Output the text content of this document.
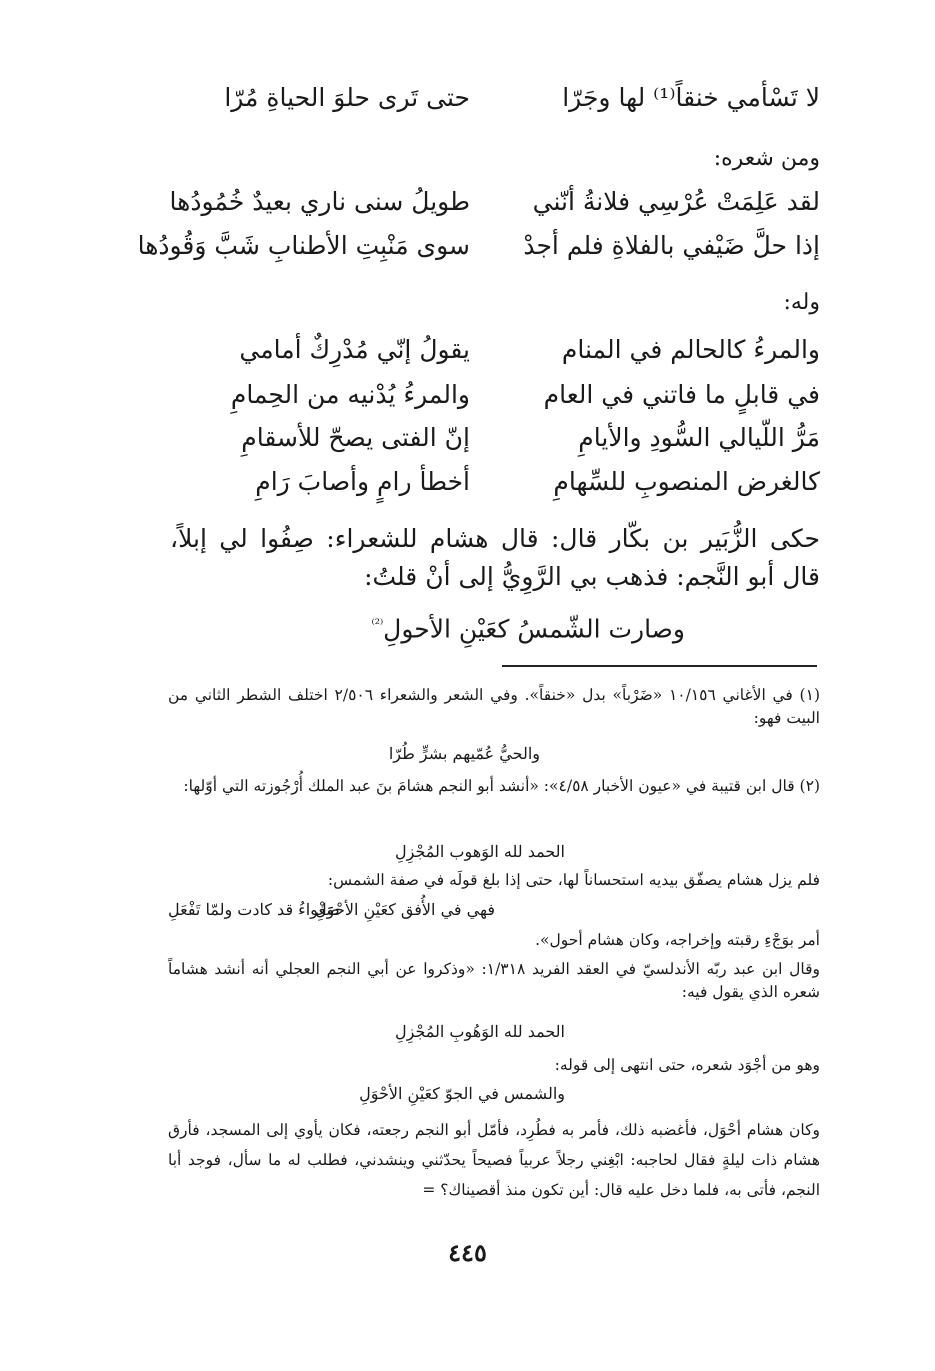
لا تَسْأمي خنقاً⁽¹⁾ لها وجَرّا
حتى تَرى حلوَ الحياةِ مُرّا
ومن شعره:
لقد عَلِمَتْ عُرْسِي فلانةُ أنّني
طويلُ سنى ناري بعيدٌ خُمُودُها
إذا حلَّ ضَيْفي بالفلاةِ فلم أجدْ
سوى مَنْبِتِ الأطنابِ شَبَّ وَقُودُها
وله:
والمرءُ كالحالم في المنام
يقولُ إنّي مُدْرِكٌ أمامي
في قابلٍ ما فاتني في العام
والمرءُ يُدْنيه من الحِمامِ
مَرُّ اللّيالي السُّودِ والأيامِ
إنّ الفتى يصحّ للأسقامِ
كالغرض المنصوبِ للسِّهامِ
أخطأ رامٍ وأصابَ رَامِ
حكى الزُّبَير بن بكّار قال: قال هشام للشعراء: صِفُوا لي إبلاً، قال أبو النَّجم: فذهب بي الرَّوِيُّ إلى أنْ قلتُ:
وصارت الشّمسُ كعَيْنِ الأحولِ$^{^{(2)}}$
(١) في الأغاني ١٠/١٥٦ «ضَرْباً» بدل «خنقاً». وفي الشعر والشعراء ٢/٥٠٦ اختلف الشطر الثاني من البيت فهو:
والحيُّ عُمّيهم بشرٍّ طُرّا
(٢) قال ابن قتيبة في «عيون الأخبار ٤/٥٨»: «أنشد أبو النجم هشامَ بنَ عبد الملك أُرْجُوزته التي أوّلها:
الحمد لله الوَهوب المُجْزِلِ
فلم يزل هشام يصفّق بيديه استحساناً لها، حتى إذا بلغ قولَه في صفة الشمس:
فهي في الأُفق كعَيْنِ الأحْوَلِ
صَغْواءُ قد كادت ولمّا تَفْعَلِ
أمر بوَجْءِ رقبته وإخراجه، وكان هشام أحول».
وقال ابن عبد ربّه الأندلسيّ في العقد الفريد ١/٣١٨: «وذكروا عن أبي النجم العجلي أنه أنشد هشاماً شعره الذي يقول فيه:
الحمد لله الوَهُوبِ المُجْزِلِ
وهو من أجْوَد شعره، حتى انتهى إلى قوله:
والشمس في الجوّ كعَيْنِ الأحْوَلِ
وكان هشام أحْوَل، فأغضبه ذلك، فأمر به فطُرِد، فأمّل أبو النجم رجعته، فكان يأوي إلى المسجد، فأرق هشام ذات ليلةٍ فقال لحاجبه: ابْغِني رجلاً عربياً فصيحاً يحدّثني وينشدني، فطلب له ما سأل، فوجد أبا النجم، فأتى به، فلما دخل عليه قال: أين تكون منذ أقصيناك؟ =
٤٤٥
